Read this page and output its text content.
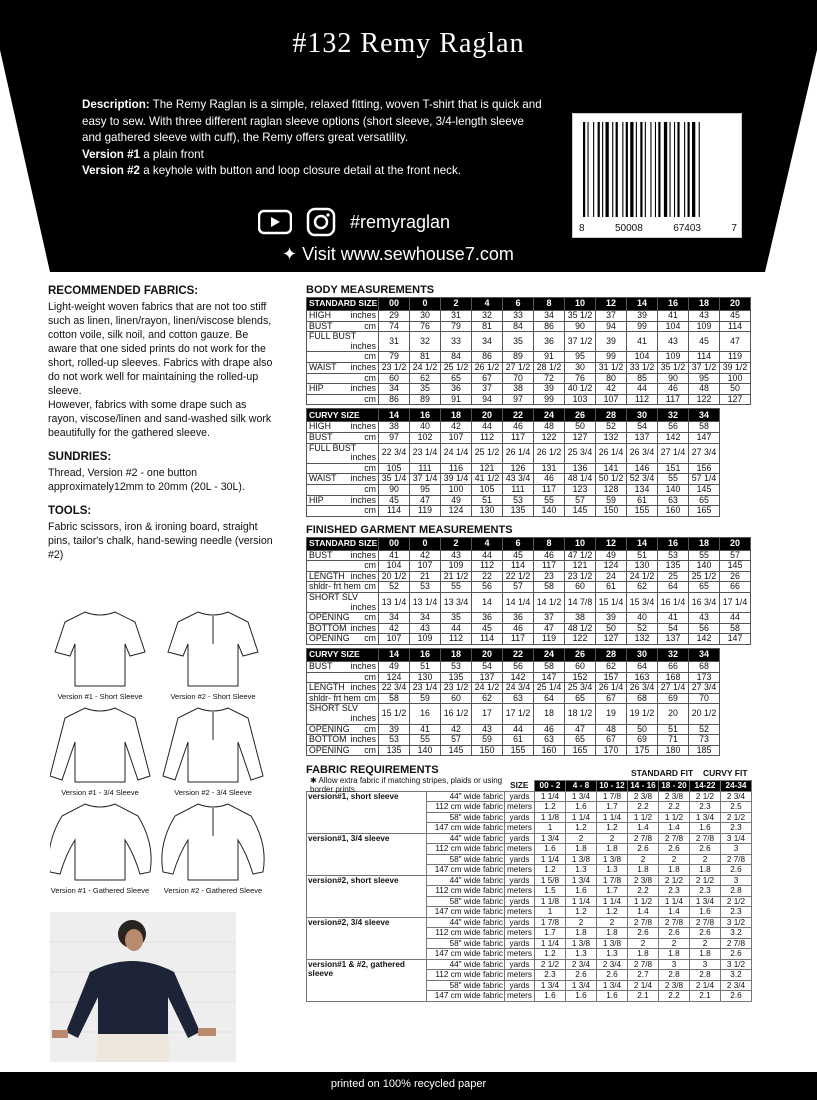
#132 Remy Raglan
Description: The Remy Raglan is a simple, relaxed fitting, woven T-shirt that is quick and easy to sew. With three different raglan sleeve options (short sleeve, 3/4-length sleeve and gathered sleeve with cuff), the Remy offers great versatility.
Version #1 a plain front
Version #2 a keyhole with button and loop closure detail at the front neck.
8	50008	67403	7
#remyraglan
✦ Visit www.sewhouse7.com
RECOMMENDED FABRICS:
Light-weight woven fabrics that are not too stiff such as linen, linen/rayon, linen/viscose blends, cotton voile, silk noil, and cotton gauze. Be aware that one sided prints do not work for the short, rolled-up sleeves. Fabrics with drape also do not work well for maintaining the rolled-up sleeve.
However, fabrics with some drape such as rayon, viscose/linen and sand-washed silk work beautifully for the gathered sleeve.
SUNDRIES:
Thread, Version #2 - one button approximately12mm to 20mm (20L - 30L).
TOOLS:
Fabric scissors, iron & ironing board, straight pins, tailor's chalk, hand-sewing needle (version #2)
Version #1 - Short Sleeve	Version #2 - Short Sleeve
Version #1 - 3/4 Sleeve	Version #2 - 3/4 Sleeve
Version #1 - Gathered Sleeve	Version #2 - Gathered Sleeve
BODY MEASUREMENTS
STANDARD SIZE	00	0	2	4	6	8	10	12	14	16	18	20
HIGH inches	29	30	31	32	33	34	35 1/2	37	39	41	43	45
BUST cm	74	76	79	81	84	86	90	94	99	104	109	114
FULL BUST
inches	31	32	33	34	35	36	37 1/2	39	41	43	45	47

cm	79	81	84	86	89	91	95	99	104	109	114	119
WAIST inches	23 1/2	24 1/2	25 1/2	26 1/2	27 1/2	28 1/2	30	31 1/2	33 1/2	35 1/2	37 1/2	39 1/2

cm	60	62	65	67	70	72	76	80	85	90	95	100
HIP inches	34	35	36	37	38	39	40 1/2	42	44	46	48	50

cm	86	89	91	94	97	99	103	107	112	117	122	127
CURVY SIZE	14	16	18	20	22	24	26	28	30	32	34
HIGH inches	38	40	42	44	46	48	50	52	54	56	58
BUST cm	97	102	107	112	117	122	127	132	137	142	147
FULL BUST
inches	22 3/4	23 1/4	24 1/4	25 1/2	26 1/4	26 1/2	25 3/4	26 1/4	26 3/4	27 1/4	27 3/4

cm	105	111	116	121	126	131	136	141	146	151	156
WAIST inches	35 1/4	37 1/4	39 1/4	41 1/2	43 3/4	46	48 1/4	50 1/2	52 3/4	55	57 1/4

cm	90	95	100	105	111	117	123	128	134	140	145
HIP inches	45	47	49	51	53	55	57	59	61	63	65

cm	114	119	124	130	135	140	145	150	155	160	165
FINISHED GARMENT MEASUREMENTS
STANDARD SIZE	00	0	2	4	6	8	10	12	14	16	18	20
BUST inches	41	42	43	44	45	46	47 1/2	49	51	53	55	57

cm	104	107	109	112	114	117	121	124	130	135	140	145
LENGTH inches	20 1/2	21	21 1/2	22	22 1/2	23	23 1/2	24	24 1/2	25	25 1/2	26
shldr- frt hem cm	52	53	55	56	57	58	60	61	62	64	65	66
SHORT SLV
inches	13 1/4	13 1/4	13 3/4	14	14 1/4	14 1/2	14 7/8	15 1/4	15 3/4	16 1/4	16 3/4	17 1/4
OPENING cm	34	34	35	36	36	37	38	39	40	41	43	44
BOTTOM inches	42	43	44	45	46	47	48 1/2	50	52	54	56	58
OPENING cm	107	109	112	114	117	119	122	127	132	137	142	147
CURVY SIZE	14	16	18	20	22	24	26	28	30	32	34
BUST inches	49	51	53	54	56	58	60	62	64	66	68

cm	124	130	135	137	142	147	152	157	163	168	173
LENGTH inches	22 3/4	23 1/4	23 1/2	24 1/2	24 3/4	25 1/4	25 3/4	26 1/4	26 3/4	27 1/4	27 3/4
shldr- frt hem cm	58	59	60	62	63	64	65	67	68	69	70
SHORT SLV
inches	15 1/2	16	16 1/2	17	17 1/2	18	18 1/2	19	19 1/2	20	20 1/2
OPENING cm	39	41	42	43	44	46	47	48	50	51	52
BOTTOM inches	53	55	57	59	61	63	65	67	69	71	73
OPENING cm	135	140	145	150	155	160	165	170	175	180	185
FABRIC REQUIREMENTS
✱ Allow extra fabric if matching stripes, plaids or using border prints.
STANDARD FIT CURVY FIT
		SIZE	00 - 2	4 - 8	10 - 12	14 - 16	18 - 20	14-22	24-34
version#1, short sleeve	44" wide fabric	yards	1 1/4	1 3/4	1 7/8	2 3/8	2 3/8	2 1/2	2 3/4
	112 cm wide fabric	meters	1.2	1.6	1.7	2.2	2.2	2.3	2.5
	58" wide fabric	yards	1 1/8	1 1/4	1 1/4	1 1/2	1 1/2	1 3/4	2 1/2
	147 cm wide fabric	meters	1	1.2	1.2	1.4	1.4	1.6	2.3
version#1, 3/4 sleeve	44" wide fabric	yards	1 3/4	2	2	2 7/8	2 7/8	2 7/8	3 1/4
	112 cm wide fabric	meters	1.6	1.8	1.8	2.6	2.6	2.6	3
	58" wide fabric	yards	1 1/4	1 3/8	1 3/8	2	2	2	2 7/8
	147 cm wide fabric	meters	1.2	1.3	1.3	1.8	1.8	1.8	2.6
version#2, short sleeve	44" wide fabric	yards	1 5/8	1 3/4	1 7/8	2 3/8	2 1/2	2 1/2	3
	112 cm wide fabric	meters	1.5	1.6	1.7	2.2	2.3	2.3	2.8
	58" wide fabric	yards	1 1/8	1 1/4	1 1/4	1 1/2	1 1/4	1 3/4	2 1/2
	147 cm wide fabric	meters	1	1.2	1.2	1.4	1.4	1.6	2.3
version#2, 3/4 sleeve	44" wide fabric	yards	1 7/8	2	2	2 7/8	2 7/8	2 7/8	3 1/2
	112 cm wide fabric	meters	1.7	1.8	1.8	2.6	2.6	2.6	3.2
	58" wide fabric	yards	1 1/4	1 3/8	1 3/8	2	2	2	2 7/8
	147 cm wide fabric	meters	1.2	1.3	1.3	1.8	1.8	1.8	2.6
version#1 & #2, gathered sleeve	44" wide fabric	yards	2 1/2	2 3/4	2 3/4	2 7/8	3	3	3 1/2
	112 cm wide fabric	meters	2.3	2.6	2.6	2.7	2.8	2.8	3.2
	58" wide fabric	yards	1 3/4	1 3/4	1 3/4	2 1/4	2 3/8	2 1/4	2 3/4
	147 cm wide fabric	meters	1.6	1.6	1.6	2.1	2.2	2.1	2.6
printed on 100% recycled paper
